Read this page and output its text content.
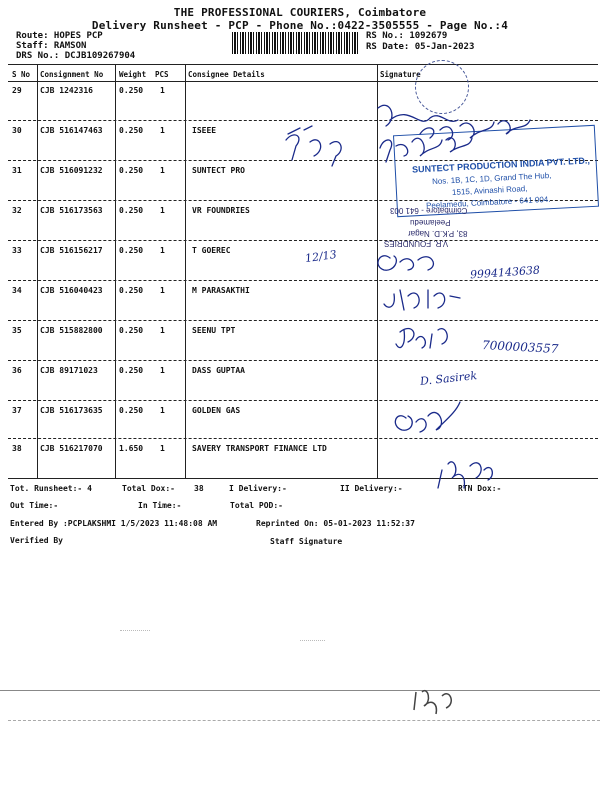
THE PROFESSIONAL COURIERS, Coimbatore
Delivery Runsheet - PCP - Phone No.:0422-3505555 - Page No.:4
Route: HOPES PCP
Staff: RAMSON
DRS No.: DCJB109267904
RS No.: 1092679
RS Date: 05-Jan-2023
S No Consignment No Weight PCS	Consignee Details	Signature
29 CJB 1242316	0.250 1
30 CJB 516147463 0.250 1	ISEEE
31 CJB 516091232 0.250 1	SUNTECT PRO
32 CJB 516173563 0.250 1	VR FOUNDRIES
33 CJB 516156217 0.250 1	T GOEREC
34 CJB 516040423 0.250 1	M PARASAKTHI
35 CJB 515882800 0.250 1	SEENU TPT
36 CJB 89171023	0.250 1	DASS GUPTAA
37 CJB 516173635 0.250 1	GOLDEN GAS
38 CJB 516217070 1.650 1	SAVERY TRANSPORT FINANCE LTD
Tot. Runsheet:- 4	Total Dox:- 38	I Delivery:-	II Delivery:-	RTN Dox:-
Out Time:-	In Time:-	Total POD:-
Entered By :PCPLAKSHMI 1/5/2023 11:48:08 AM	Reprinted On: 05-01-2023 11:52:37
Verified By	Staff Signature
SUNTECT PRODUCTION INDIA PVT. LTD.,
Nos. 1B, 1C, 1D, Grand The Hub,
1515, Avinashi Road,
Peelamedu, Coimbatore - 641 004.
Coimbatore - 641 003
Peelamedu
83, P.K.D. Nagar
V.R. FOUNDRIES
12/13
9994143638
7000003557
D. Sasirek
